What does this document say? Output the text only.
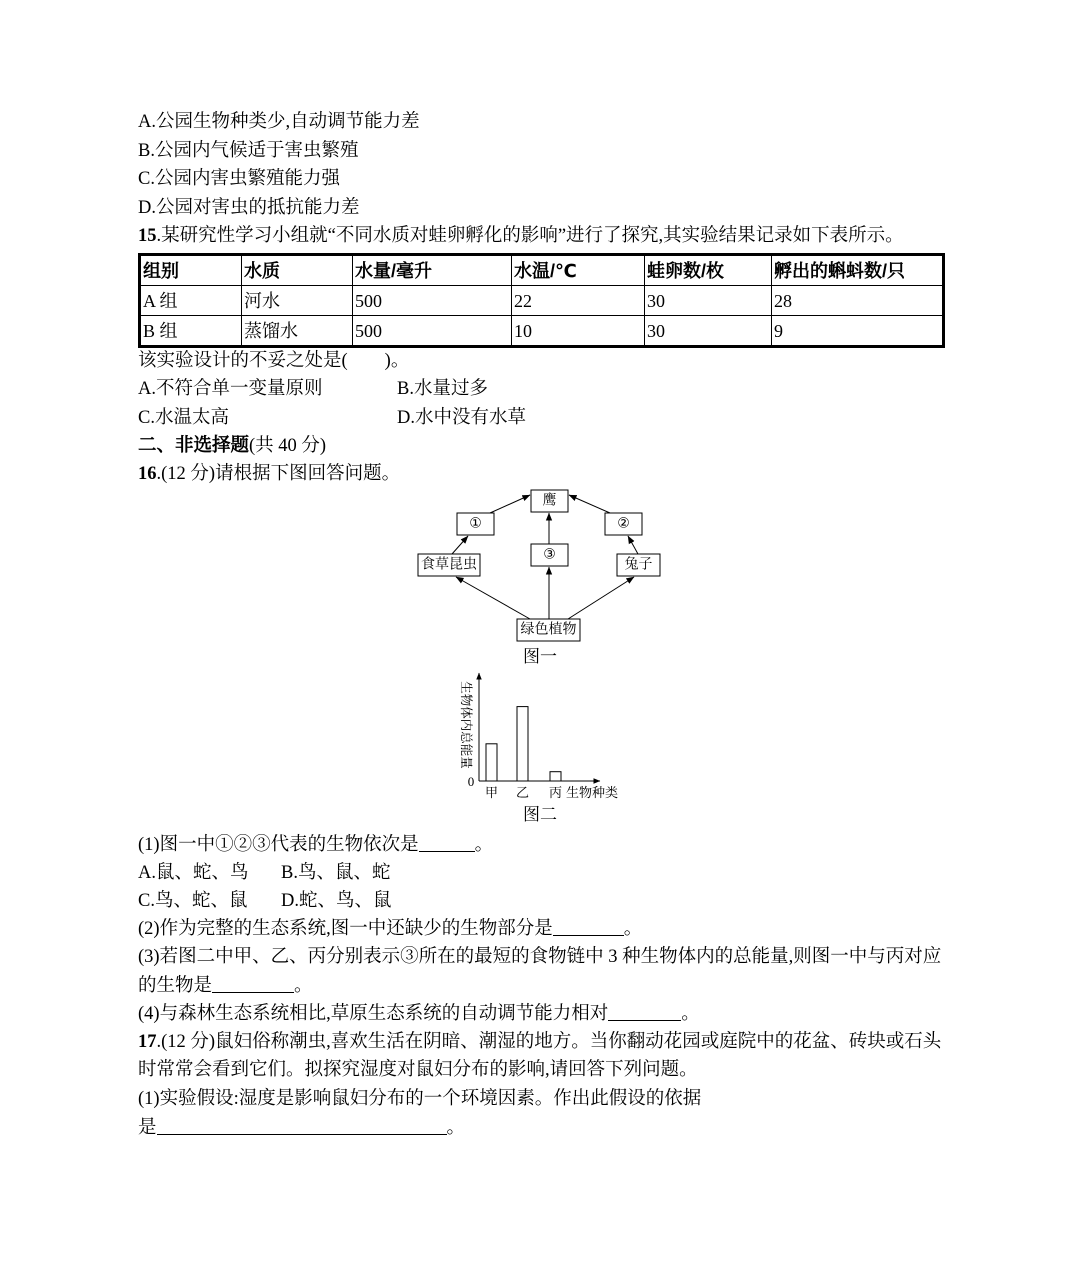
A.公园生物种类少,自动调节能力差
B.公园内气候适于害虫繁殖
C.公园内害虫繁殖能力强
D.公园对害虫的抵抗能力差
15.某研究性学习小组就“不同水质对蛙卵孵化的影响”进行了探究,其实验结果记录如下表所示。
组别	水质	水量/毫升	水温/℃	蛙卵数/枚	孵出的蝌蚪数/只
A 组	河水	500	22	30	28
B 组	蒸馏水	500	10	30	9
该实验设计的不妥之处是(　　)。
A.不符合单一变量原则	B.水量过多
C.水温太高	D.水中没有水草
二、非选择题(共 40 分)
16.(12 分)请根据下图回答问题。
鹰
①	②
③
食草昆虫	兔子
绿色植物
图一
甲 乙 丙
0
生物体内总能量
生物种类
图二
(1)图一中①②③代表的生物依次是	。
A.鼠、蛇、鸟 B.鸟、鼠、蛇
C.鸟、蛇、鼠 D.蛇、鸟、鼠
(2)作为完整的生态系统,图一中还缺少的生物部分是	。
(3)若图二中甲、乙、丙分别表示③所在的最短的食物链中 3 种生物体内的总能量,则图一中与丙对应
的生物是	。
(4)与森林生态系统相比,草原生态系统的自动调节能力相对	。
17.(12 分)鼠妇俗称潮虫,喜欢生活在阴暗、潮湿的地方。当你翻动花园或庭院中的花盆、砖块或石头
时常常会看到它们。拟探究湿度对鼠妇分布的影响,请回答下列问题。
(1)实验假设:湿度是影响鼠妇分布的一个环境因素。作出此假设的依据
是	。
